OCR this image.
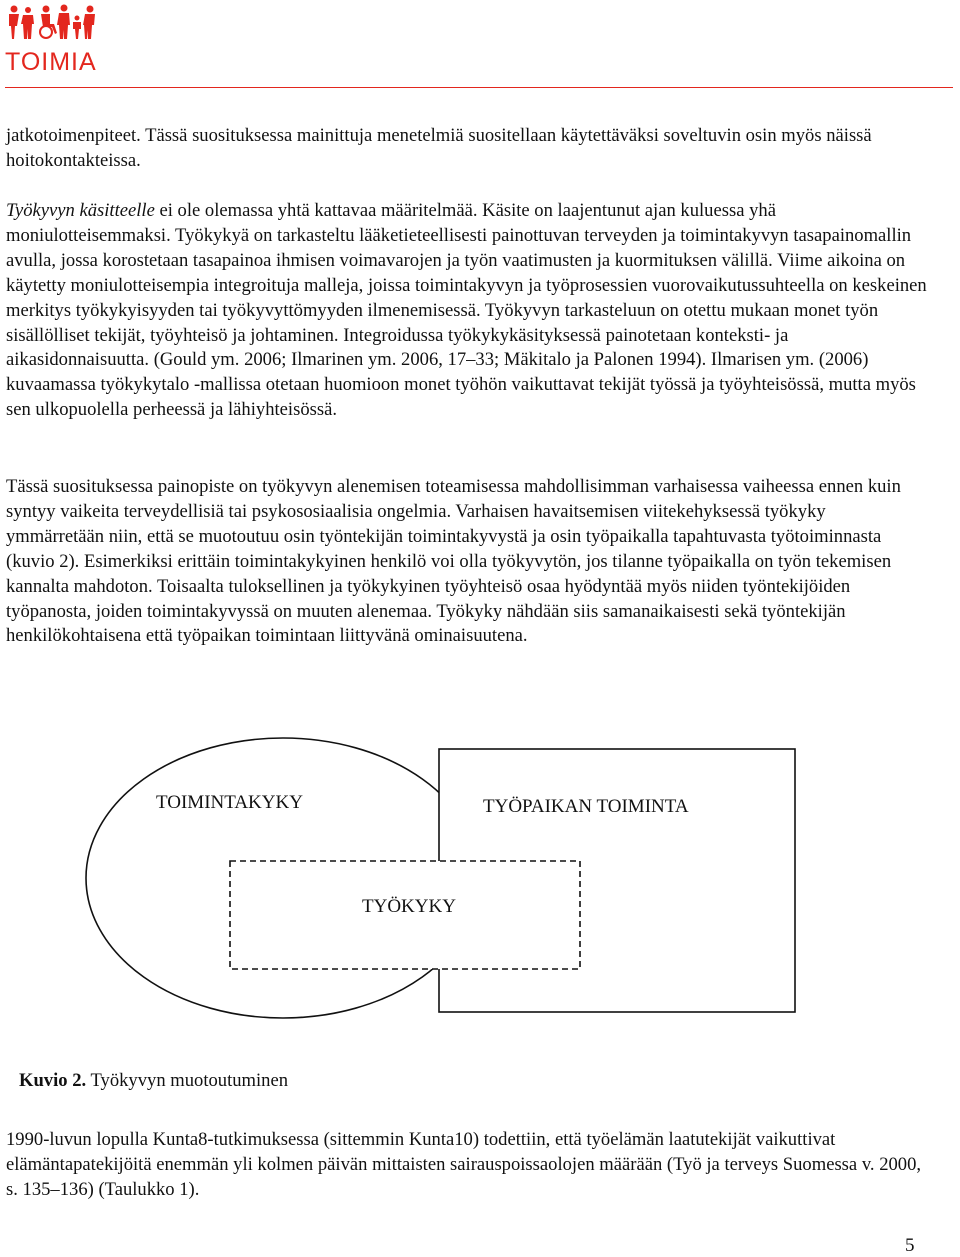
TOIMIA

jatkotoimenpiteet. Tässä suosituksessa mainittuja menetelmiä suositellaan käytettäväksi soveltuvin osin myös näissä hoitokontakteissa.

Työkyvyn käsitteelle ei ole olemassa yhtä kattavaa määritelmää. Käsite on laajentunut ajan kuluessa yhä moniulotteisemmaksi. Työkykyä on tarkasteltu lääketieteellisesti painottuvan terveyden ja toimintakyvyn tasapainomallin avulla, jossa korostetaan tasapainoa ihmisen voimavarojen ja työn vaatimusten ja kuormituksen välillä. Viime aikoina on käytetty moniulotteisempia integroituja malleja, joissa toimintakyvyn ja työprosessien vuorovaikutussuhteella on keskeinen merkitys työkykyisyyden tai työkyvyttömyyden ilmenemisessä. Työkyvyn tarkasteluun on otettu mukaan monet työn sisällölliset tekijät, työyhteisö ja johtaminen. Integroidussa työkykykäsityksessä painotetaan konteksti- ja aikasidonnaisuutta. (Gould ym. 2006; Ilmarinen ym. 2006, 17–33; Mäkitalo ja Palonen 1994). Ilmarisen ym. (2006) kuvaamassa työkykytalo -mallissa otetaan huomioon monet työhön vaikuttavat tekijät työssä ja työyhteisössä, mutta myös sen ulkopuolella perheessä ja lähiyhteisössä.

Tässä suosituksessa painopiste on työkyvyn alenemisen toteamisessa mahdollisimman varhaisessa vaiheessa ennen kuin syntyy vaikeita terveydellisiä tai psykososiaalisia ongelmia. Varhaisen havaitsemisen viitekehyksessä työkyky ymmärretään niin, että se muotoutuu osin työntekijän toimintakyvystä ja osin työpaikalla tapahtuvasta työtoiminnasta (kuvio 2). Esimerkiksi erittäin toimintakykyinen henkilö voi olla työkyvytön, jos tilanne työpaikalla on työn tekemisen kannalta mahdoton. Toisaalta tuloksellinen ja työkykyinen työyhteisö osaa hyödyntää myös niiden työntekijöiden työpanosta, joiden toimintakyvyssä on muuten alenemaa. Työkyky nähdään siis samanaikaisesti sekä työntekijän henkilökohtaisena että työpaikan toimintaan liittyvänä ominaisuutena.

TOIMINTAKYKY	TYÖPAIKAN TOIMINTA
TYÖKYKY

Kuvio 2. Työkyvyn muotoutuminen

1990-luvun lopulla Kunta8-tutkimuksessa (sittemmin Kunta10) todettiin, että työelämän laatutekijät vaikuttivat elämäntapatekijöitä enemmän yli kolmen päivän mittaisten sairauspoissaolojen määrään (Työ ja terveys Suomessa v. 2000, s. 135–136) (Taulukko 1).

5
